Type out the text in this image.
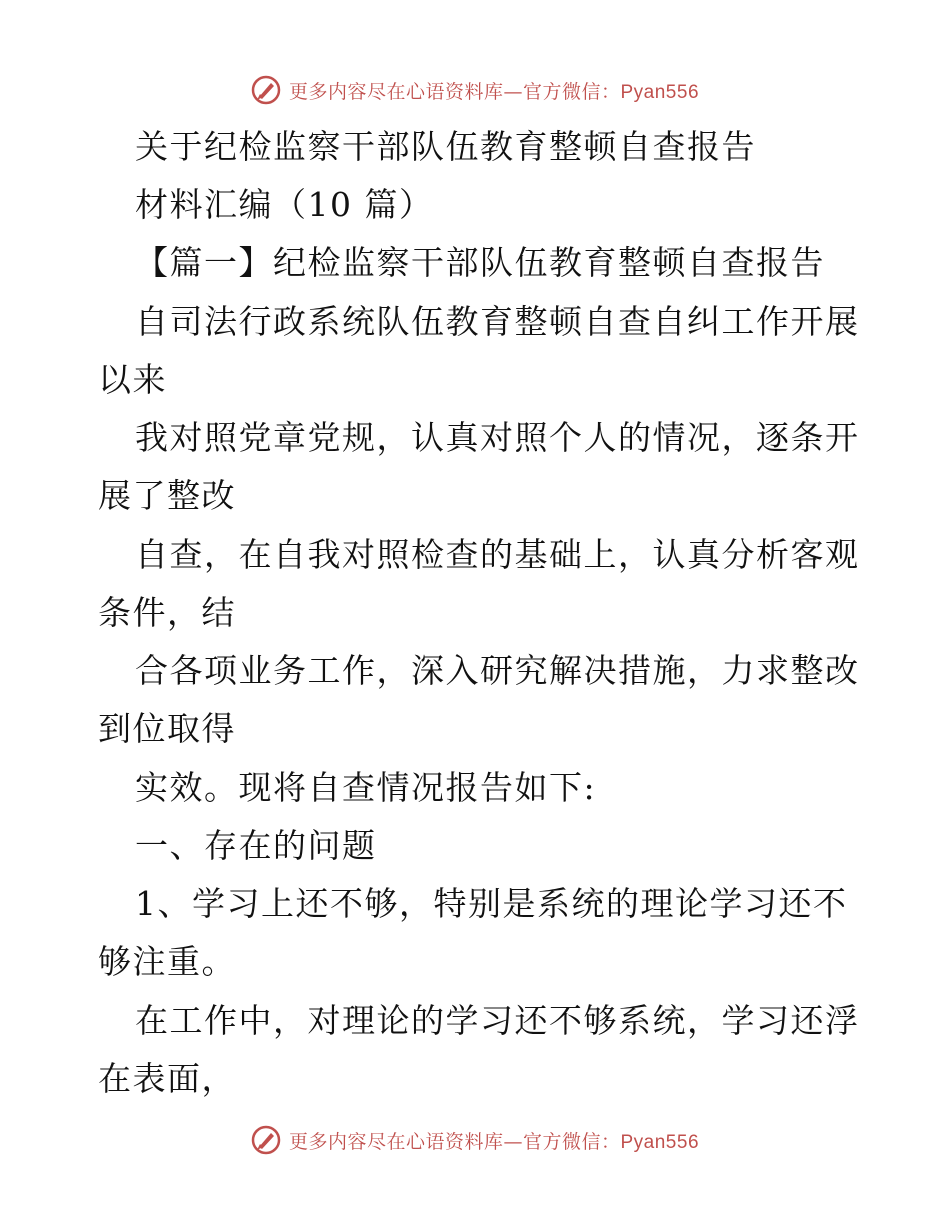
更多内容尽在心语资料库—官方微信：Pyan556
关于纪检监察干部队伍教育整顿自查报告
材料汇编（10 篇）
【篇一】纪检监察干部队伍教育整顿自查报告
自司法行政系统队伍教育整顿自查自纠工作开展
以来
我对照党章党规，认真对照个人的情况，逐条开
展了整改
自查，在自我对照检查的基础上，认真分析客观
条件，结
合各项业务工作，深入研究解决措施，力求整改
到位取得
实效。现将自查情况报告如下:
一、存在的问题
1、学习上还不够，特别是系统的理论学习还不
够注重。
在工作中，对理论的学习还不够系统，学习还浮
在表面，
更多内容尽在心语资料库—官方微信：Pyan556
